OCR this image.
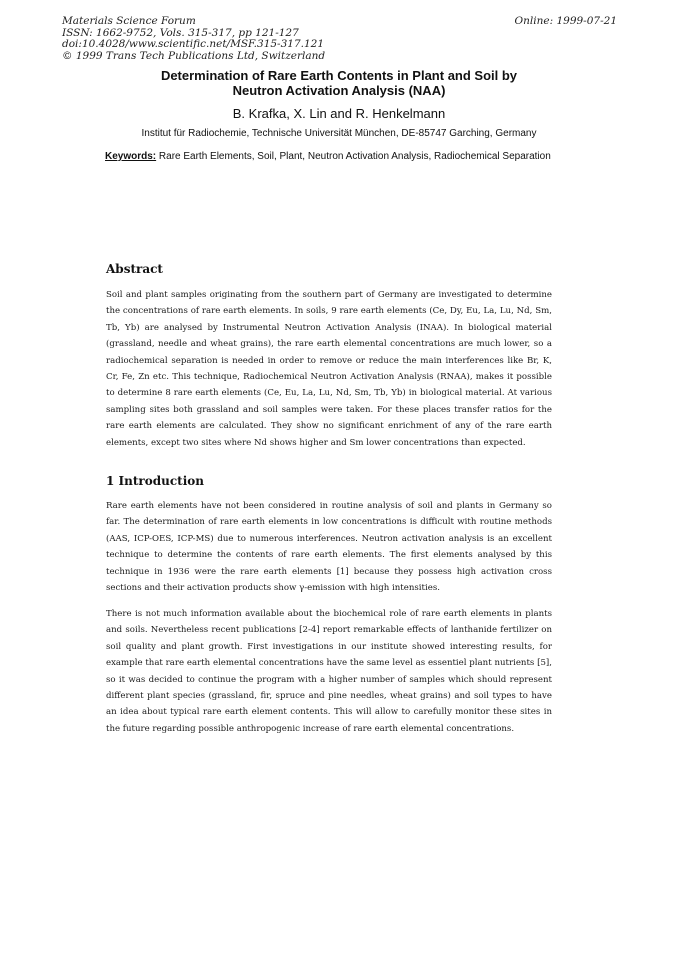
Materials Science Forum
ISSN: 1662-9752, Vols. 315-317, pp 121-127
doi:10.4028/www.scientific.net/MSF.315-317.121
© 1999 Trans Tech Publications Ltd, Switzerland
Online: 1999-07-21
Determination of Rare Earth Contents in Plant and Soil by
Neutron Activation Analysis (NAA)
B. Krafka, X. Lin and R. Henkelmann
Institut für Radiochemie, Technische Universität München, DE-85747 Garching, Germany
Keywords: Rare Earth Elements, Soil, Plant, Neutron Activation Analysis, Radiochemical Separation
Abstract

Soil and plant samples originating from the southern part of Germany are investigated to determine the concentrations of rare earth elements. In soils, 9 rare earth elements (Ce, Dy, Eu, La, Lu, Nd, Sm, Tb, Yb) are analysed by Instrumental Neutron Activation Analysis (INAA). In biological material (grassland, needle and wheat grains), the rare earth elemental concentrations are much lower, so a radiochemical separation is needed in order to remove or reduce the main interferences like Br, K, Cr, Fe, Zn etc. This technique, Radiochemical Neutron Activation Analysis (RNAA), makes it possible to determine 8 rare earth elements (Ce, Eu, La, Lu, Nd, Sm, Tb, Yb) in biological material. At various sampling sites both grassland and soil samples were taken. For these places transfer ratios for the rare earth elements are calculated. They show no significant enrichment of any of the rare earth elements, except two sites where Nd shows higher and Sm lower concentrations than expected.

1 Introduction

Rare earth elements have not been considered in routine analysis of soil and plants in Germany so far. The determination of rare earth elements in low concentrations is difficult with routine methods (AAS, ICP-OES, ICP-MS) due to numerous interferences. Neutron activation analysis is an excellent technique to determine the contents of rare earth elements. The first elements analysed by this technique in 1936 were the rare earth elements [1] because they possess high activation cross sections and their activation products show γ-emission with high intensities.

There is not much information available about the biochemical role of rare earth elements in plants and soils. Nevertheless recent publications [2-4] report remarkable effects of lanthanide fertilizer on soil quality and plant growth. First investigations in our institute showed interesting results, for example that rare earth elemental concentrations have the same level as essentiel plant nutrients [5], so it was decided to continue the program with a higher number of samples which should represent different plant species (grassland, fir, spruce and pine needles, wheat grains) and soil types to have an idea about typical rare earth element contents. This will allow to carefully monitor these sites in the future regarding possible anthropogenic increase of rare earth elemental concentrations.
